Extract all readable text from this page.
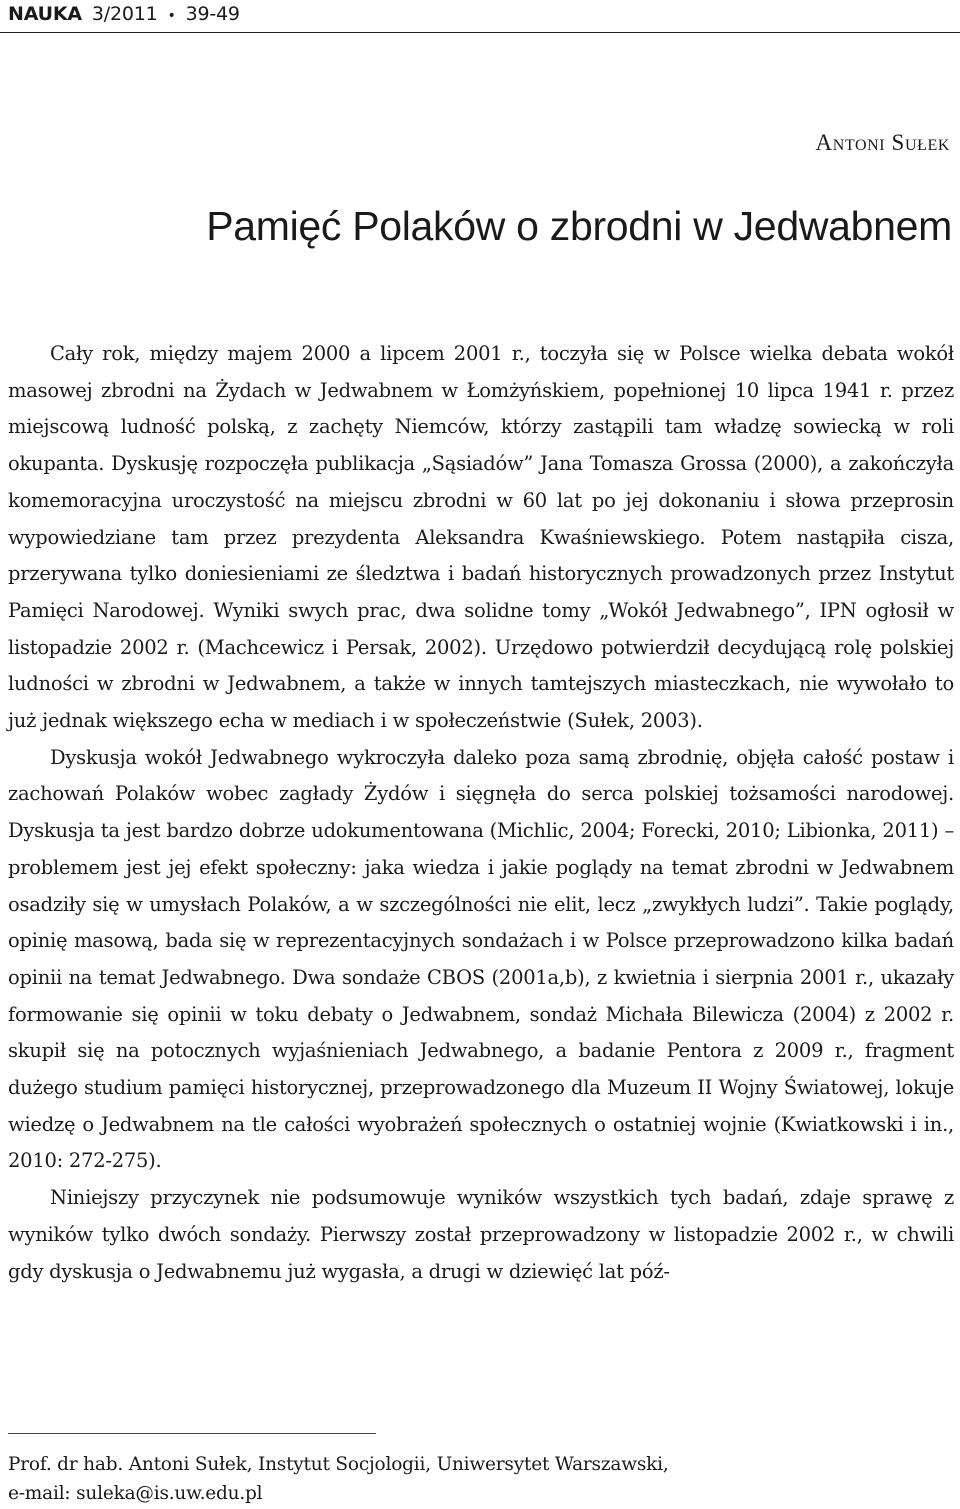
NAUKA 3/2011 • 39-49
Antoni Sułek
Pamięć Polaków o zbrodni w Jedwabnem

Cały rok, między majem 2000 a lipcem 2001 r., toczyła się w Polsce wielka debata wokół masowej zbrodni na Żydach w Jedwabnem w Łomżyńskiem, popełnionej 10 lipca 1941 r. przez miejscową ludność polską, z zachęty Niemców, którzy zastąpili tam władzę sowiecką w roli okupanta. Dyskusję rozpoczęła publikacja „Sąsiadów” Jana Tomasza Grossa (2000), a zakończyła komemoracyjna uroczystość na miejscu zbrodni w 60 lat po jej dokonaniu i słowa przeprosin wypowiedziane tam przez prezydenta Aleksandra Kwaśniewskiego. Potem nastąpiła cisza, przerywana tylko doniesieniami ze śledztwa i badań historycznych prowadzonych przez Instytut Pamięci Narodowej. Wyniki swych prac, dwa solidne tomy „Wokół Jedwabnego”, IPN ogłosił w listopadzie 2002 r. (Machcewicz i Persak, 2002). Urzędowo potwierdził decydującą rolę polskiej ludności w zbrodni w Jedwabnem, a także w innych tamtejszych miasteczkach, nie wywołało to już jednak większego echa w mediach i w społeczeństwie (Sułek, 2003).

Dyskusja wokół Jedwabnego wykroczyła daleko poza samą zbrodnię, objęła całość postaw i zachowań Polaków wobec zagłady Żydów i sięgnęła do serca polskiej tożsamości narodowej. Dyskusja ta jest bardzo dobrze udokumentowana (Michlic, 2004; Forecki, 2010; Libionka, 2011) – problemem jest jej efekt społeczny: jaka wiedza i jakie poglądy na temat zbrodni w Jedwabnem osadziły się w umysłach Polaków, a w szczególności nie elit, lecz „zwykłych ludzi”. Takie poglądy, opinię masową, bada się w reprezentacyjnych sondażach i w Polsce przeprowadzono kilka badań opinii na temat Jedwabnego. Dwa sondaże CBOS (2001a,b), z kwietnia i sierpnia 2001 r., ukazały formowanie się opinii w toku debaty o Jedwabnem, sondaż Michała Bilewicza (2004) z 2002 r. skupił się na potocznych wyjaśnieniach Jedwabnego, a badanie Pentora z 2009 r., fragment dużego studium pamięci historycznej, przeprowadzonego dla Muzeum II Wojny Światowej, lokuje wiedzę o Jedwabnem na tle całości wyobrażeń społecznych o ostatniej wojnie (Kwiatkowski i in., 2010: 272-275).

Niniejszy przyczynek nie podsumowuje wyników wszystkich tych badań, zdaje sprawę z wyników tylko dwóch sondaży. Pierwszy został przeprowadzony w listopadzie 2002 r., w chwili gdy dyskusja o Jedwabnemu już wygasła, a drugi w dziewięć lat póź-

Prof. dr hab. Antoni Sułek, Instytut Socjologii, Uniwersytet Warszawski,
e-mail: suleka@is.uw.edu.pl
